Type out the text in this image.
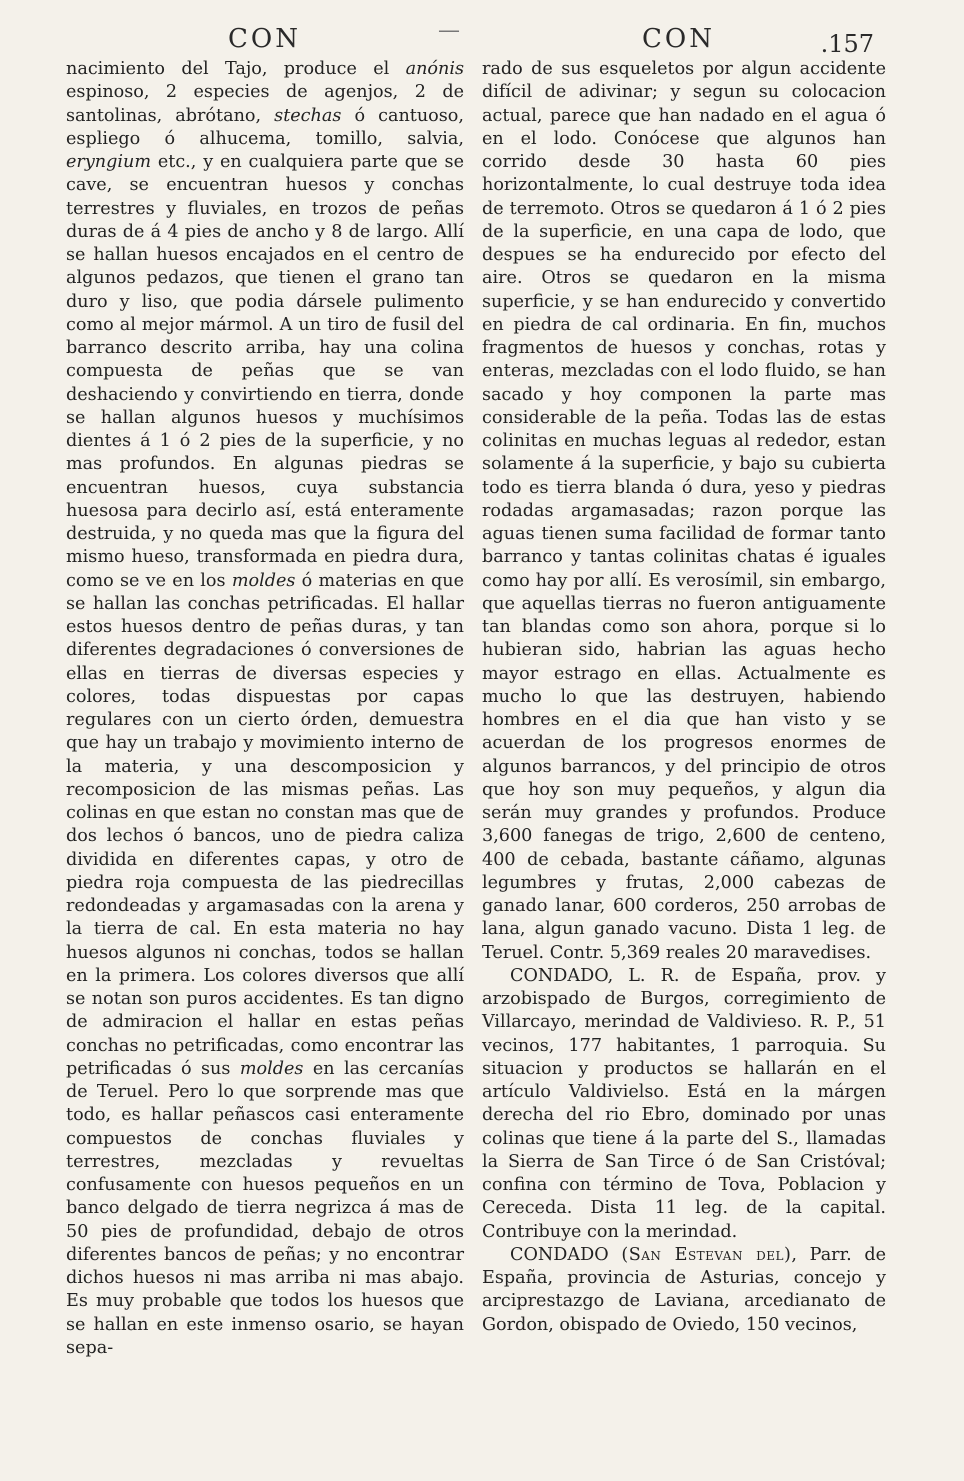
CON	—	CON	.157

nacimiento del Tajo, produce el anónis espinoso, 2 especies de agenjos, 2 de santolinas, abrótano, stechas ó cantuoso, espliego ó alhucema, tomillo, salvia, eryngium etc., y en cualquiera parte que se cave, se encuentran huesos y conchas terrestres y fluviales, en trozos de peñas duras de á 4 pies de ancho y 8 de largo. Allí se hallan huesos encajados en el centro de algunos pedazos, que tienen el grano tan duro y liso, que podia dársele pulimento como al mejor mármol. A un tiro de fusil del barranco descrito arriba, hay una colina compuesta de peñas que se van deshaciendo y convirtiendo en tierra, donde se hallan algunos huesos y muchísimos dientes á 1 ó 2 pies de la superficie, y no mas profundos. En algunas piedras se encuentran huesos, cuya substancia huesosa para decirlo así, está enteramente destruida, y no queda mas que la figura del mismo hueso, transformada en piedra dura, como se ve en los moldes ó materias en que se hallan las conchas petrificadas. El hallar estos huesos dentro de peñas duras, y tan diferentes degradaciones ó conversiones de ellas en tierras de diversas especies y colores, todas dispuestas por capas regulares con un cierto órden, demuestra que hay un trabajo y movimiento interno de la materia, y una descomposicion y recomposicion de las mismas peñas. Las colinas en que estan no constan mas que de dos lechos ó bancos, uno de piedra caliza dividida en diferentes capas, y otro de piedra roja compuesta de las piedrecillas redondeadas y argamasadas con la arena y la tierra de cal. En esta materia no hay huesos algunos ni conchas, todos se hallan en la primera. Los colores diversos que allí se notan son puros accidentes. Es tan digno de admiracion el hallar en estas peñas conchas no petrificadas, como encontrar las petrificadas ó sus moldes en las cercanías de Teruel. Pero lo que sorprende mas que todo, es hallar peñascos casi enteramente compuestos de conchas fluviales y terrestres, mezcladas y revueltas confusamente con huesos pequeños en un banco delgado de tierra negrizca á mas de 50 pies de profundidad, debajo de otros diferentes bancos de peñas; y no encontrar dichos huesos ni mas arriba ni mas abajo. Es muy probable que todos los huesos que se hallan en este inmenso osario, se hayan sepa-

rado de sus esqueletos por algun accidente difícil de adivinar; y segun su colocacion actual, parece que han nadado en el agua ó en el lodo. Conócese que algunos han corrido desde 30 hasta 60 pies horizontalmente, lo cual destruye toda idea de terremoto. Otros se quedaron á 1 ó 2 pies de la superficie, en una capa de lodo, que despues se ha endurecido por efecto del aire. Otros se quedaron en la misma superficie, y se han endurecido y convertido en piedra de cal ordinaria. En fin, muchos fragmentos de huesos y conchas, rotas y enteras, mezcladas con el lodo fluido, se han sacado y hoy componen la parte mas considerable de la peña. Todas las de estas colinitas en muchas leguas al rededor, estan solamente á la superficie, y bajo su cubierta todo es tierra blanda ó dura, yeso y piedras rodadas argamasadas; razon porque las aguas tienen suma facilidad de formar tanto barranco y tantas colinitas chatas é iguales como hay por allí. Es verosímil, sin embargo, que aquellas tierras no fueron antiguamente tan blandas como son ahora, porque si lo hubieran sido, habrian las aguas hecho mayor estrago en ellas. Actualmente es mucho lo que las destruyen, habiendo hombres en el dia que han visto y se acuerdan de los progresos enormes de algunos barrancos, y del principio de otros que hoy son muy pequeños, y algun dia serán muy grandes y profundos. Produce 3,600 fanegas de trigo, 2,600 de centeno, 400 de cebada, bastante cáñamo, algunas legumbres y frutas, 2,000 cabezas de ganado lanar, 600 corderos, 250 arrobas de lana, algun ganado vacuno. Dista 1 leg. de Teruel. Contr. 5,369 reales 20 maravedises.

CONDADO, L. R. de España, prov. y arzobispado de Burgos, corregimiento de Villarcayo, merindad de Valdivieso. R. P., 51 vecinos, 177 habitantes, 1 parroquia. Su situacion y productos se hallarán en el artículo Valdivielso. Está en la márgen derecha del rio Ebro, dominado por unas colinas que tiene á la parte del S., llamadas la Sierra de San Tirce ó de San Cristóval; confina con término de Tova, Poblacion y Cereceda. Dista 11 leg. de la capital. Contribuye con la merindad.

CONDADO (San Estevan del), Parr. de España, provincia de Asturias, concejo y arciprestazgo de Laviana, arcedianato de Gordon, obispado de Oviedo, 150 vecinos,
